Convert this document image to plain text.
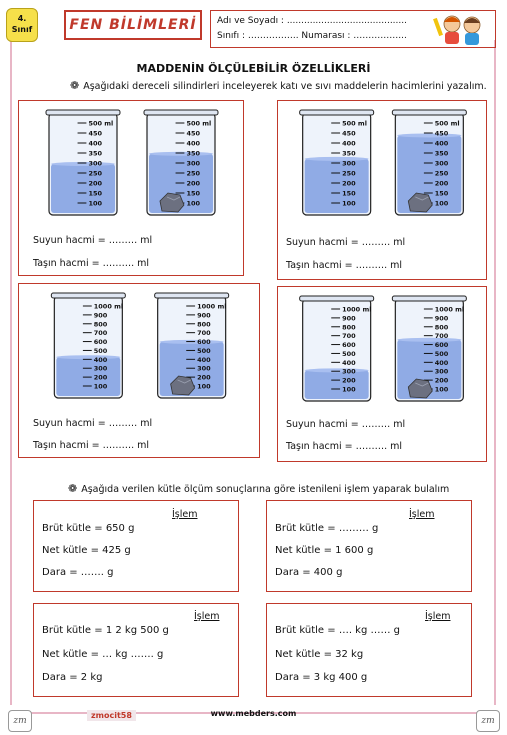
4.
Sınıf	FEN BİLİMLERİ	Adı ve Soyadı : ..........................................
Sınıfı : …………….. Numarası : ……………...
MADDENİN ÖLÇÜLEBİLİR ÖZELLİKLERİ
❁ Aşağıdaki dereceli silindirleri inceleyerek katı ve sıvı maddelerin hacimlerini yazalım.
500 ml
450
400
350
300
250
200
150
100
500 ml
450
400
350
300
250
200
150
100
Suyun hacmi = ……… ml
Taşın hacmi = ………. ml
500 ml
450
400
350
300
250
200
150
100
500 ml
450
400
350
300
250
200
150
100
Suyun hacmi = ……… ml
Taşın hacmi = ………. ml
1000 ml
900
800
700
600
500
400
300
200
100
1000 ml
900
800
700
600
500
400
300
200
100
Suyun hacmi = ……… ml
Taşın hacmi = ………. ml
1000 ml
900
800
700
600
500
400
300
200
100
1000 ml
900
800
700
600
500
400
300
200
100
Suyun hacmi = ……… ml
Taşın hacmi = ………. ml
❁ Aşağıda verilen kütle ölçüm sonuçlarına göre istenileni işlem yaparak bulalım
İşlem
Brüt kütle = 650 g
Net kütle = 425 g
Dara = ……. g
İşlem
Brüt kütle = ……… g
Net kütle = 1 600 g
Dara = 400 g
İşlem
Brüt kütle = 1 2 kg 500 g
Net kütle = … kg ……. g
Dara = 2 kg
İşlem
Brüt kütle = …. kg …… g
Net kütle = 32 kg
Dara = 3 kg 400 g
zm
zmocit58	www.mebders.com
zm
